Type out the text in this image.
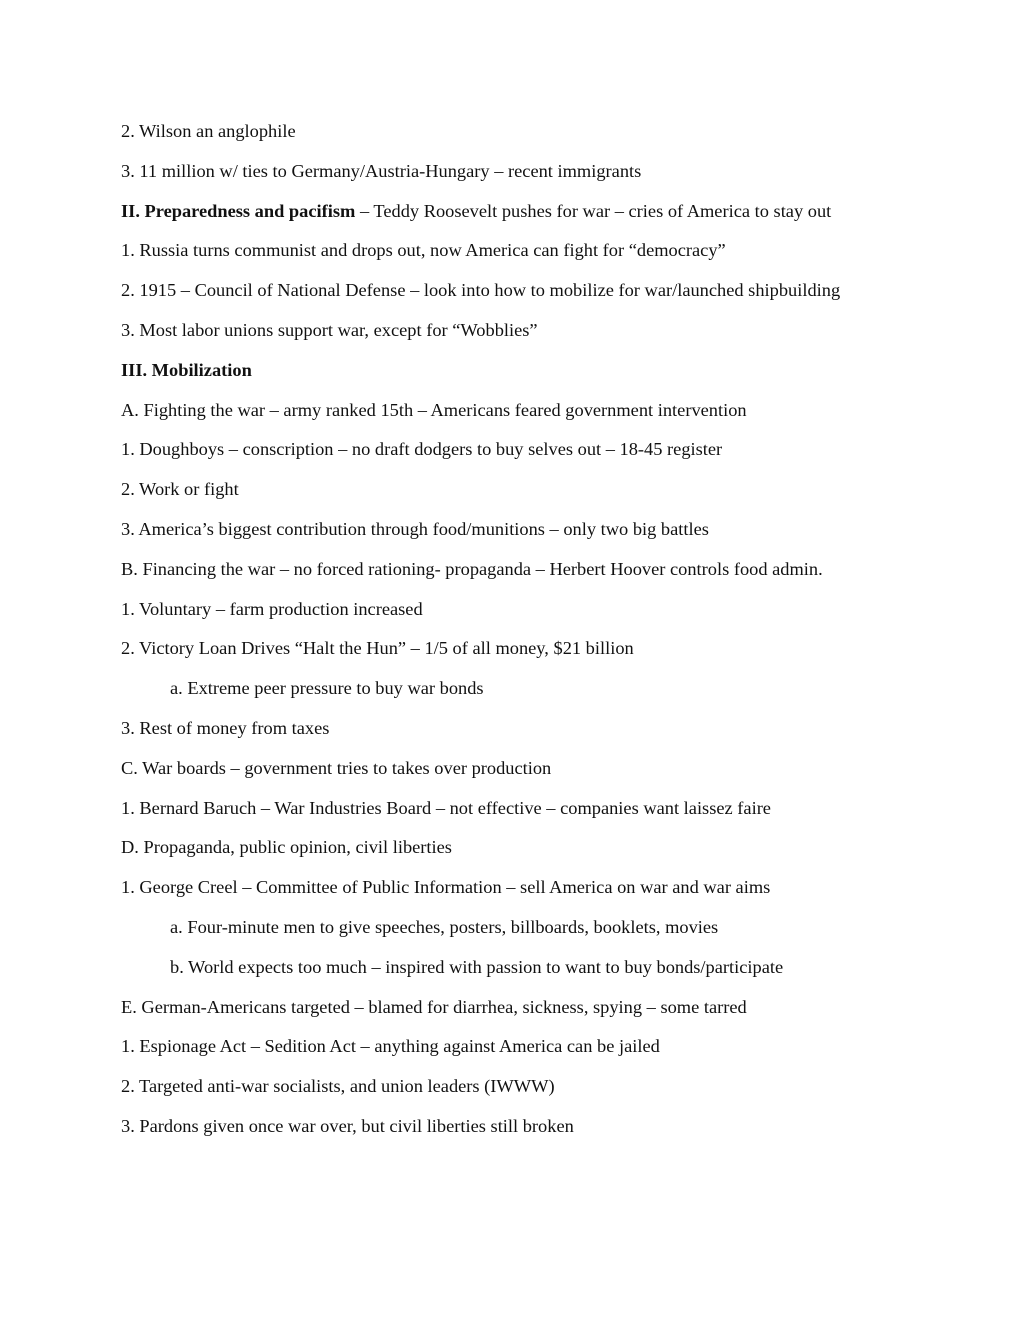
2. Wilson an anglophile

3. 11 million w/ ties to Germany/Austria-Hungary – recent immigrants

II. Preparedness and pacifism – Teddy Roosevelt pushes for war – cries of America to stay out

1. Russia turns communist and drops out, now America can fight for “democracy”

2. 1915 – Council of National Defense – look into how to mobilize for war/launched shipbuilding

3. Most labor unions support war, except for “Wobblies”

III. Mobilization

A. Fighting the war – army ranked 15th – Americans feared government intervention

1. Doughboys – conscription – no draft dodgers to buy selves out – 18-45 register

2. Work or fight

3. America’s biggest contribution through food/munitions – only two big battles

B. Financing the war – no forced rationing- propaganda – Herbert Hoover controls food admin.

1. Voluntary – farm production increased

2. Victory Loan Drives “Halt the Hun” – 1/5 of all money, $21 billion

a. Extreme peer pressure to buy war bonds

3. Rest of money from taxes

C. War boards – government tries to takes over production

1. Bernard Baruch – War Industries Board – not effective – companies want laissez faire

D. Propaganda, public opinion, civil liberties

1. George Creel – Committee of Public Information – sell America on war and war aims

a. Four-minute men to give speeches, posters, billboards, booklets, movies

b. World expects too much – inspired with passion to want to buy bonds/participate

E. German-Americans targeted – blamed for diarrhea, sickness, spying – some tarred

1. Espionage Act – Sedition Act – anything against America can be jailed

2. Targeted anti-war socialists, and union leaders (IWWW)

3. Pardons given once war over, but civil liberties still broken
